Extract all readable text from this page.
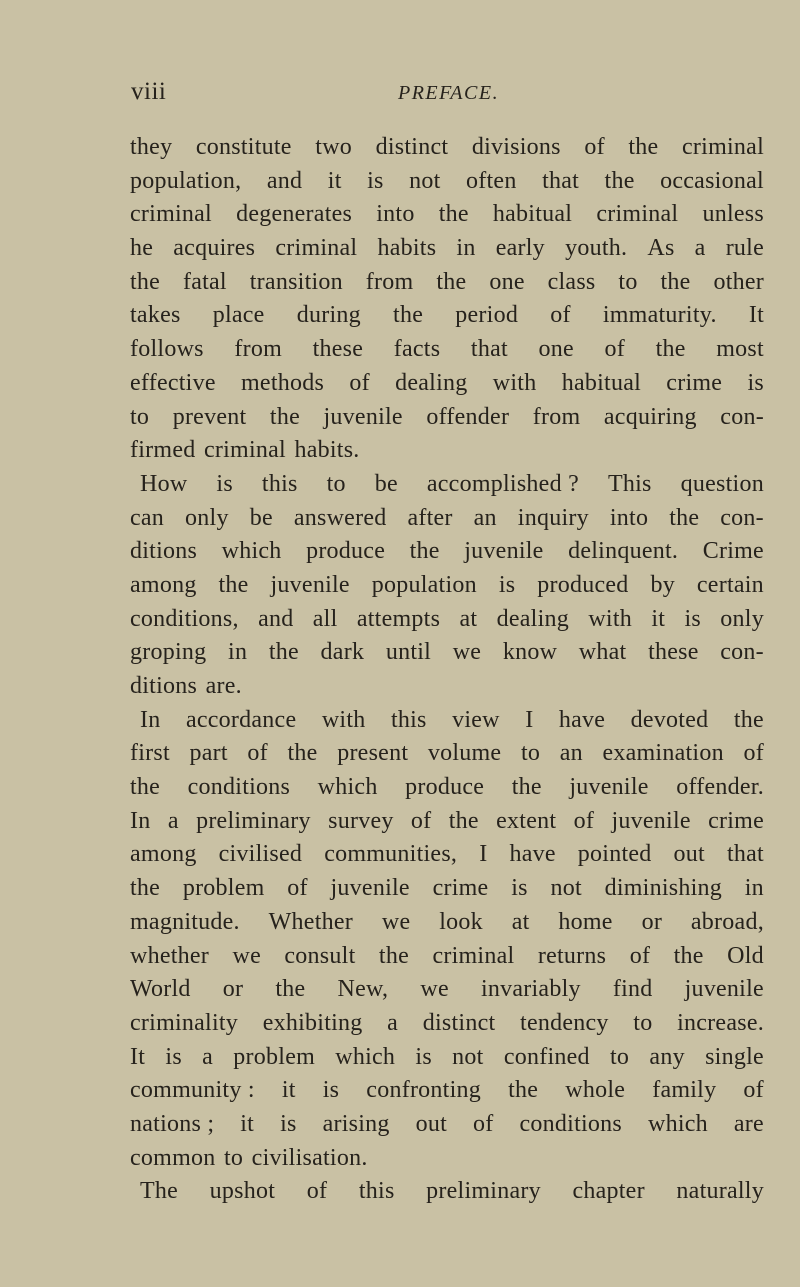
viii	PREFACE.
they constitute two distinct divisions of the criminal
population, and it is not often that the occasional
criminal degenerates into the habitual criminal unless
he acquires criminal habits in early youth. As a rule
the fatal transition from the one class to the other
takes place during the period of immaturity. It
follows from these facts that one of the most
effective methods of dealing with habitual crime is
to prevent the juvenile offender from acquiring con-
firmed criminal habits.
How is this to be accomplished ? This question
can only be answered after an inquiry into the con-
ditions which produce the juvenile delinquent. Crime
among the juvenile population is produced by certain
conditions, and all attempts at dealing with it is only
groping in the dark until we know what these con-
ditions are.
In accordance with this view I have devoted the
first part of the present volume to an examination of
the conditions which produce the juvenile offender.
In a preliminary survey of the extent of juvenile crime
among civilised communities, I have pointed out that
the problem of juvenile crime is not diminishing in
magnitude. Whether we look at home or abroad,
whether we consult the criminal returns of the Old
World or the New, we invariably find juvenile
criminality exhibiting a distinct tendency to increase.
It is a problem which is not confined to any single
community : it is confronting the whole family of
nations ; it is arising out of conditions which are
common to civilisation.
The upshot of this preliminary chapter naturally
